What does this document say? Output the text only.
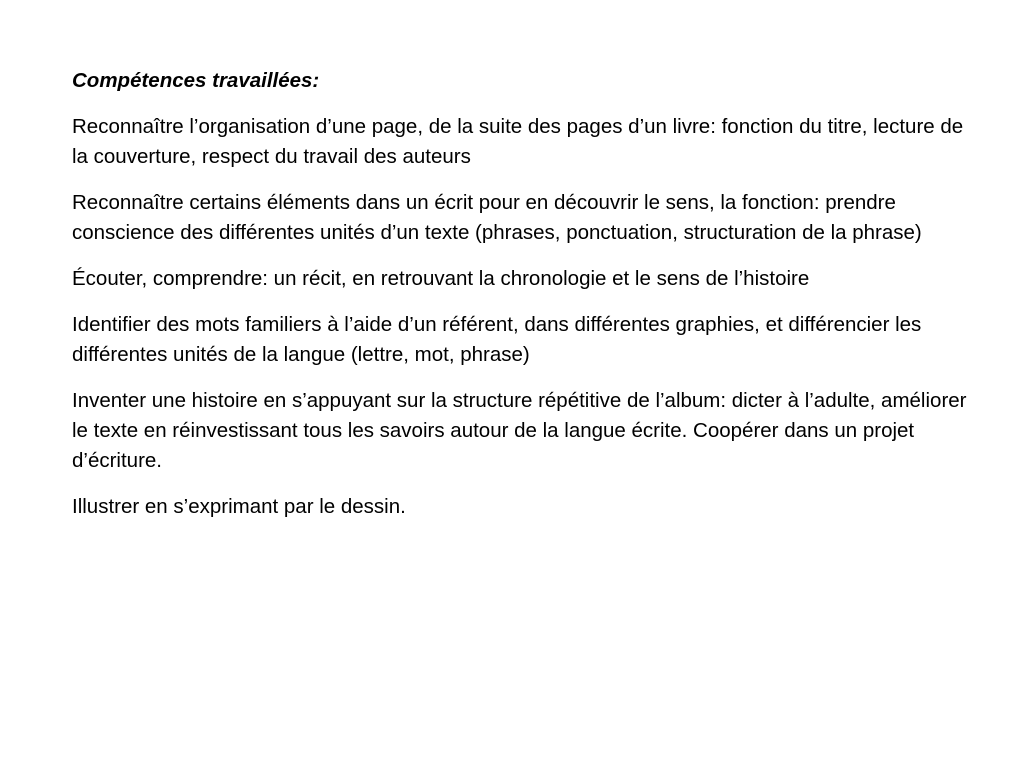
Compétences travaillées:

Reconnaître l’organisation d’une page, de la suite des pages d’un livre: fonction du titre, lecture de la couverture, respect du travail des auteurs

Reconnaître certains éléments dans un écrit pour en découvrir le sens, la fonction: prendre conscience des différentes unités d’un texte (phrases, ponctuation, structuration de la phrase)

Écouter, comprendre: un récit, en retrouvant la chronologie et le sens de l’histoire

Identifier des mots familiers à l’aide d’un référent, dans différentes graphies, et différencier les différentes unités de la langue (lettre, mot, phrase)

Inventer une histoire en s’appuyant sur la structure répétitive de l’album: dicter à l’adulte, améliorer le texte en réinvestissant tous les savoirs autour de la langue écrite. Coopérer dans un projet d’écriture.

Illustrer en s’exprimant par le dessin.
